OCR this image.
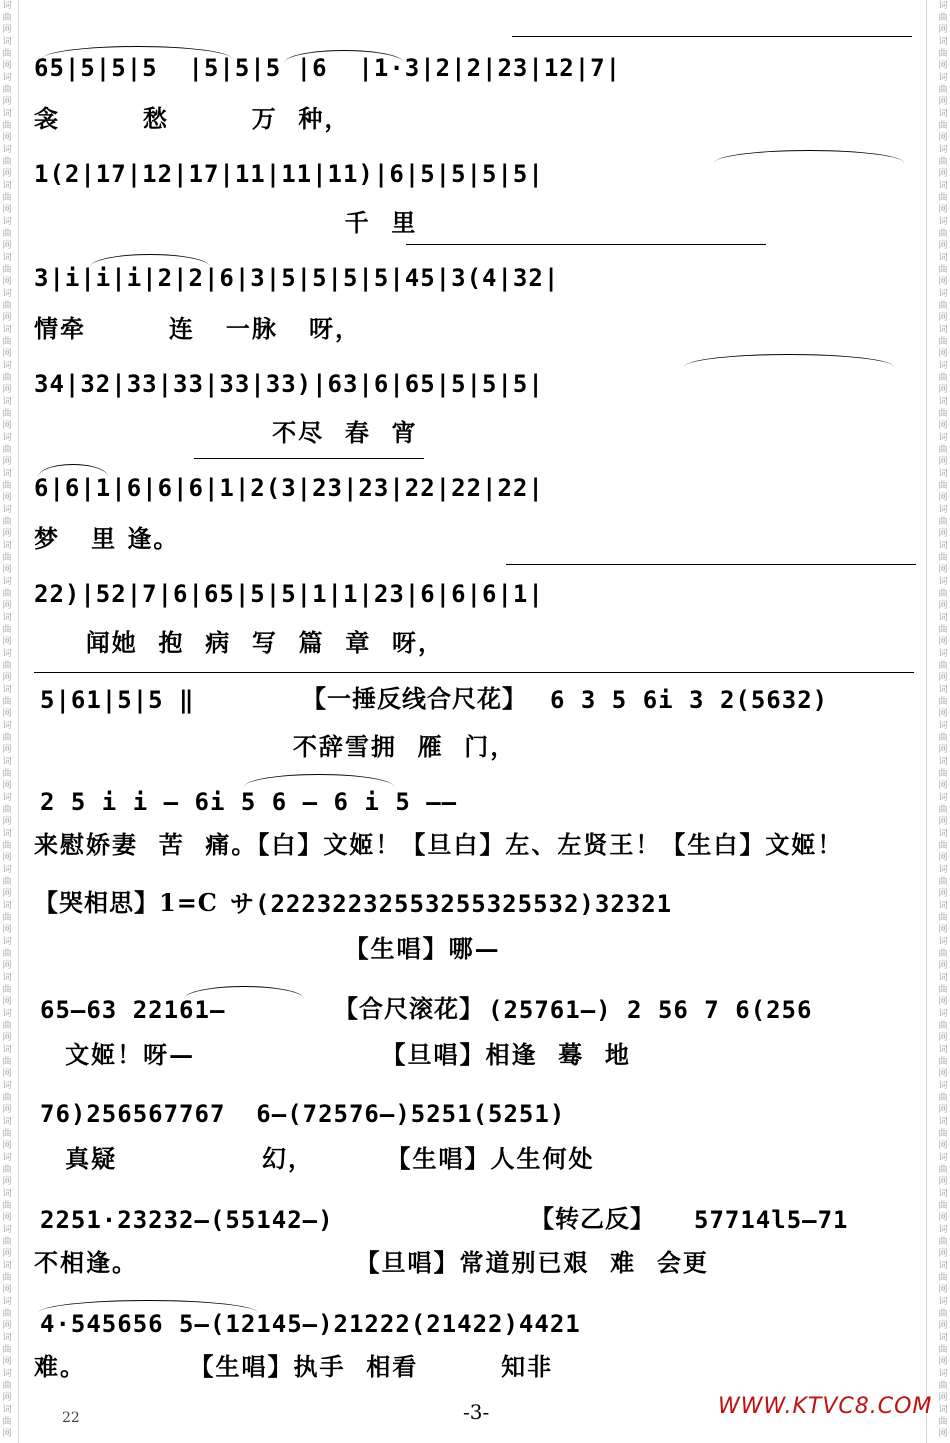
词曲网词曲网词曲网词曲网词曲网词曲网词曲网词曲网词曲网词曲网词曲网词曲网词曲网词曲网词曲网词曲网词曲网词曲网词曲网词曲网词曲网词曲网词曲网词曲网词曲网词曲网词曲网词曲网词曲网词曲网词曲网词曲网词曲网词曲网词曲网词曲网词曲网词曲网词曲网词曲网
词曲网词曲网词曲网词曲网词曲网词曲网词曲网词曲网词曲网词曲网词曲网词曲网词曲网词曲网词曲网词曲网词曲网词曲网词曲网词曲网词曲网词曲网词曲网词曲网词曲网词曲网词曲网词曲网词曲网词曲网词曲网词曲网词曲网词曲网词曲网词曲网词曲网词曲网词曲网词曲网
65|5|5|5  |5|5|5 |6  |1·3|2|2|23|12|7|
衾        愁        万  种，
1(2|17|12|17|11|11|11)|6|5|5|5|5|
千  里
3|i|i|i|2|2|6|3|5|5|5|5|45|3(4|32|
情牵        连   一脉   呀，
34|32|33|33|33|33)|63|6|65|5|5|5|
不尽  春  宵
6|6|1|6|6|6|1|2(3|23|23|22|22|22|
梦   里 逢。
22)|52|7|6|65|5|5|1|1|23|6|6|6|1|
闻她  抱  病  写  篇  章  呀，
5|61|5|5 ‖	【一捶反线合尺花】 6 3 5 6i 3 2(5632)
不辞雪拥  雁  门，
2 5 i i – 6i 5 6 – 6 i 5 ——
来慰娇妻  苦  痛。【白】文姬！【旦白】左、左贤王！【生白】文姬！
【哭相思】1=C サ(22232232553255325532)32321
【生唱】哪—
65–63 22161–	【合尺滚花】 (25761–) 2 56 7 6(256
文姬！呀—                  【旦唱】相逢  蓦  地
76)256567767  6–(72576–)5251(5251)
真疑              幻，       【生唱】人生何处
2251·23232–(55142–)	【转乙反】 57714l5–71
不相逢。                     【旦唱】常道别已艰  难  会更
4·545656 5–(12145–)21222(21422)4421
难。          【生唱】执手  相看        知非
22	-3-	WWW.KTVC8.COM
